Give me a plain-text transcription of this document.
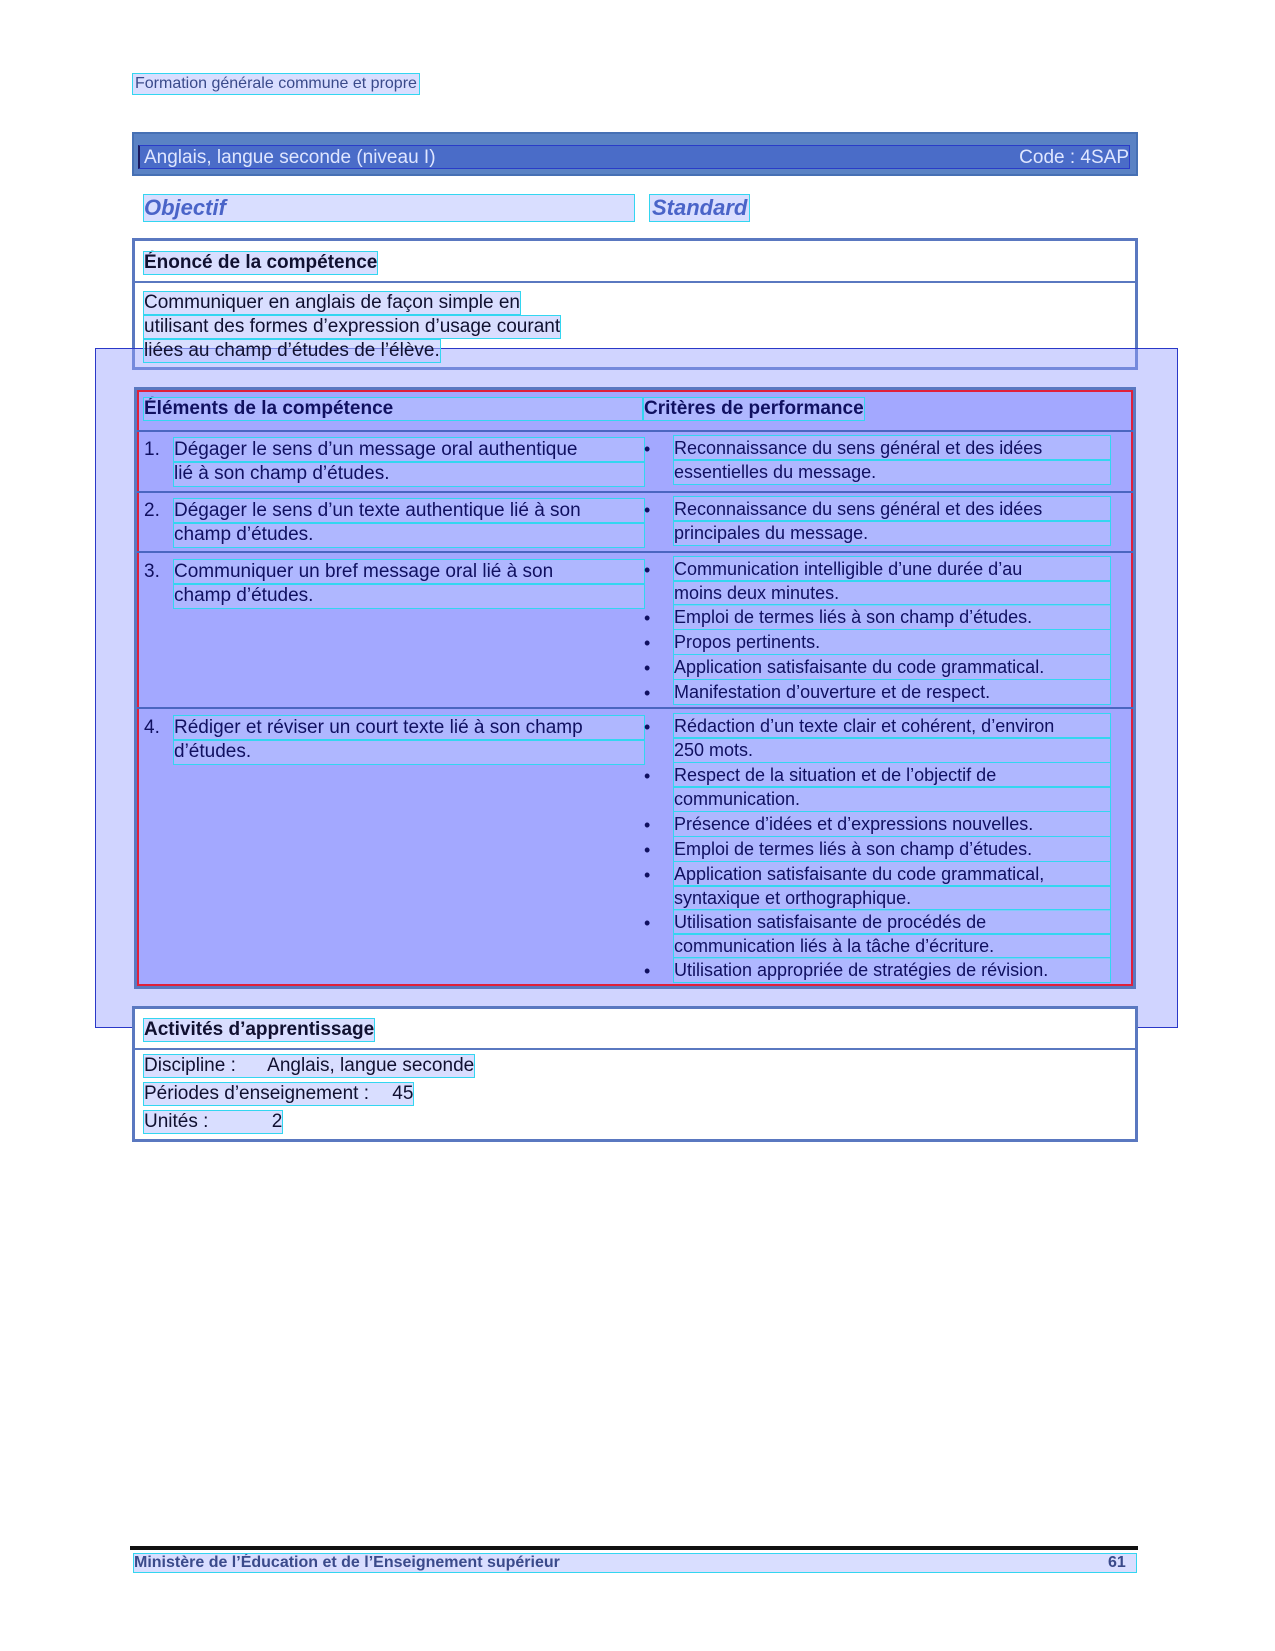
Formation générale commune et propre
Anglais, langue seconde (niveau I)	Code : 4SAP
Objectif	Standard
Énoncé de la compétence
Communiquer en anglais de façon simple en
utilisant des formes d’expression d’usage courant
liées au champ d’études de l’élève.
Éléments de la compétence	Critères de performance
1. Dégager le sens d’un message oral authentique
lié à son champ d’études.
• Reconnaissance du sens général et des idées
essentielles du message.
2. Dégager le sens d’un texte authentique lié à son
champ d’études.
• Reconnaissance du sens général et des idées
principales du message.
3. Communiquer un bref message oral lié à son
champ d’études.
• Communication intelligible d’une durée d’au
moins deux minutes.
• Emploi de termes liés à son champ d’études.
• Propos pertinents.
• Application satisfaisante du code grammatical.
• Manifestation d’ouverture et de respect.
4. Rédiger et réviser un court texte lié à son champ
d’études.
• Rédaction d’un texte clair et cohérent, d’environ
250 mots.
• Respect de la situation et de l’objectif de
communication.
• Présence d’idées et d’expressions nouvelles.
• Emploi de termes liés à son champ d’études.
• Application satisfaisante du code grammatical,
syntaxique et orthographique.
• Utilisation satisfaisante de procédés de
communication liés à la tâche d’écriture.
• Utilisation appropriée de stratégies de révision.
Activités d’apprentissage
Discipline : Anglais, langue seconde
Périodes d’enseignement : 45
Unités :	2
Ministère de l’Éducation et de l’Enseignement supérieur	61
